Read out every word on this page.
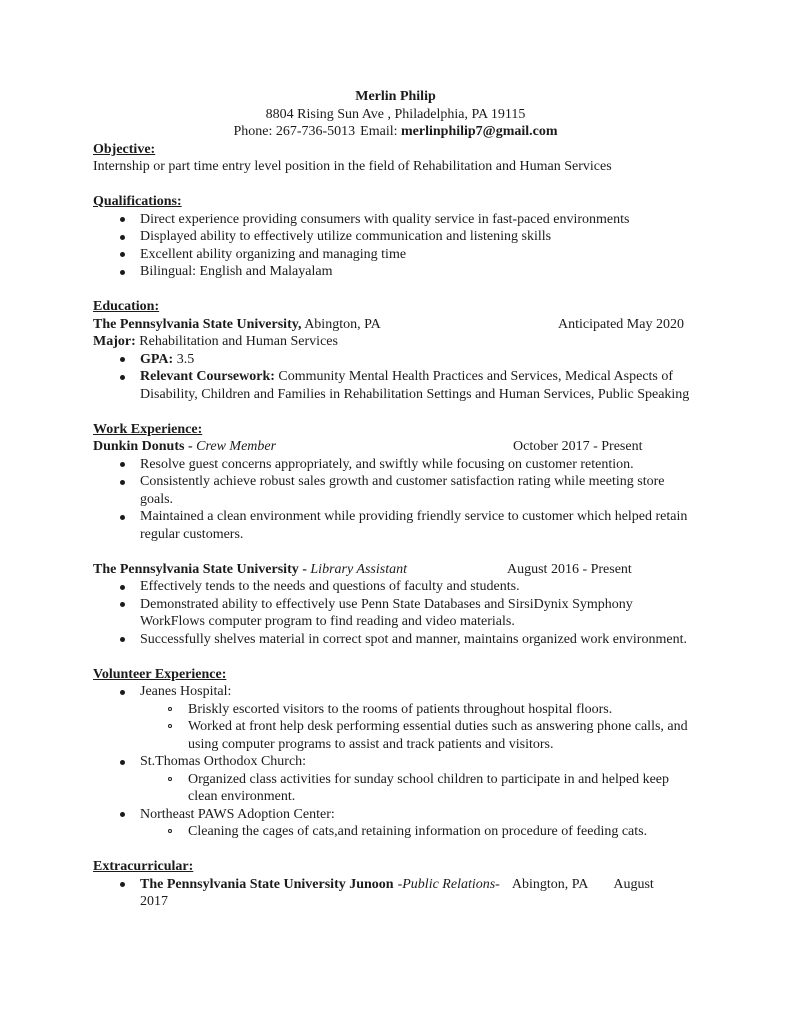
Merlin Philip
8804 Rising Sun Ave , Philadelphia, PA 19115
Phone: 267-736-5013 Email: merlinphilip7@gmail.com
Objective:
Internship or part time entry level position in the field of Rehabilitation and Human Services
Qualifications:
Direct experience providing consumers with quality service in fast-paced environments
Displayed ability to effectively utilize communication and listening skills
Excellent ability organizing and managing time
Bilingual: English and Malayalam
Education:
The Pennsylvania State University, Abington, PA	Anticipated May 2020
Major: Rehabilitation and Human Services
GPA: 3.5
Relevant Coursework: Community Mental Health Practices and Services, Medical Aspects of Disability, Children and Families in Rehabilitation Settings and Human Services, Public Speaking
Work Experience:
Dunkin Donuts - Crew Member	October 2017 - Present
Resolve guest concerns appropriately, and swiftly while focusing on customer retention.
Consistently achieve robust sales growth and customer satisfaction rating while meeting store goals.
Maintained a clean environment while providing friendly service to customer which helped retain regular customers.
The Pennsylvania State University - Library Assistant	August 2016 - Present
Effectively tends to the needs and questions of faculty and students.
Demonstrated ability to effectively use Penn State Databases and SirsiDynix Symphony WorkFlows computer program to find reading and video materials.
Successfully shelves material in correct spot and manner, maintains organized work environment.
Volunteer Experience:
Jeanes Hospital:
Briskly escorted visitors to the rooms of patients throughout hospital floors.
Worked at front help desk performing essential duties such as answering phone calls, and using computer programs to assist and track patients and visitors.
St.Thomas Orthodox Church:
Organized class activities for sunday school children to participate in and helped keep clean environment.
Northeast PAWS Adoption Center:
Cleaning the cages of cats,and retaining information on procedure of feeding cats.
Extracurricular:
The Pennsylvania State University Junoon -Public Relations- Abington, PA August
2017
